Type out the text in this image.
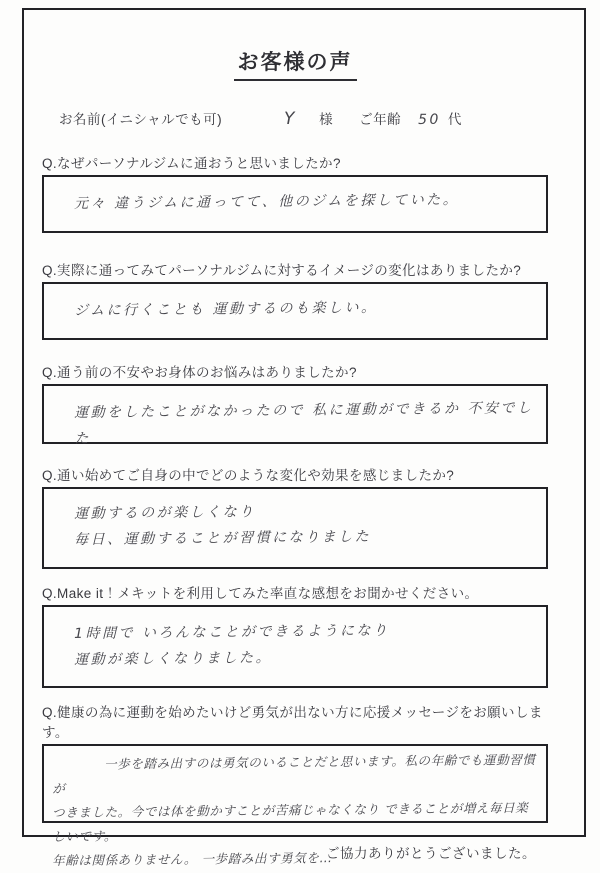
お客様の声
お名前(イニシャルでも可)	Y 様 ご年齢 50 代
Q.なぜパーソナルジムに通おうと思いましたか?
元々 違うジムに通ってて、他のジムを探していた。
Q.実際に通ってみてパーソナルジムに対するイメージの変化はありましたか?
ジムに行くことも 運動するのも楽しい。
Q.通う前の不安やお身体のお悩みはありましたか?
運動をしたことがなかったので 私に運動ができるか 不安でした
Q.通い始めてご自身の中でどのような変化や効果を感じましたか?
運動するのが楽しくなり
毎日、運動することが習慣になりました
Q.Make it！メキットを利用してみた率直な感想をお聞かせください。
1時間で いろんなことができるようになり
運動が楽しくなりました。
Q.健康の為に運動を始めたいけど勇気が出ない方に応援メッセージをお願いします。
一歩を踏み出すのは勇気のいることだと思います。私の年齢でも運動習慣が
つきました。今では体を動かすことが苦痛じゃなくなり できることが増え毎日楽しいです。
年齢は関係ありません。 一歩踏み出す勇気を…
ご協力ありがとうございました。
